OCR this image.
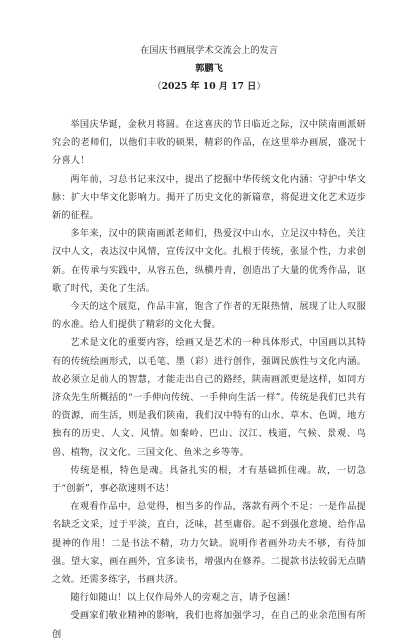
在国庆书画展学术交流会上的发言
郭鹏飞
（2025 年 10 月 17 日）

举国庆华诞，金秋月将圆。在这喜庆的节日临近之际，汉中陕南画派研究会的老师们，以他们丰收的硕果，精彩的作品，在这里举办画展，盛况十分喜人！

两年前，习总书记来汉中，提出了挖掘中华传统文化内涵：守护中华文脉：扩大中华文化影响力。揭开了历史文化的新篇章，将促进文化艺术迈步新的征程。

多年来，汉中的陕南画派老师们，热爱汉中山水，立足汉中特色，关注汉中人文，表达汉中风情，宣传汉中文化。扎根于传统，张显个性，力求创新。在传承与实践中，从容五色，纵横丹青，创造出了大量的优秀作品，讴歌了时代，美化了生活。

今天的这个展览，作品丰富，饱含了作者的无限热情，展现了让人叹服的水准。给人们提供了精彩的文化大餐。

艺术是文化的重要内容，绘画又是艺术的一种具体形式，中国画以其特有的传统绘画形式，以毛笔、墨（彩）进行创作，强调民族性与文化内涵。故必须立足前人的智慧，才能走出自己的路经，陕南画派更是这样，如同方济众先生所概括的“一手伸向传统、一手伸向生活一样”。传统是我们已共有的资源，而生活，则是我们陕南，我们汉中特有的山水、草木、色调，地方独有的历史、人文、风情。如秦岭、巴山、汉江、栈道，气候、景观、鸟兽、植物，汉文化、三国文化、鱼米之乡等等。

传统是根，特色是魂。具备扎实的根，才有基础抓住魂。故，一切急于“创新”，事必欲速则不达！

在观看作品中，总觉得，相当多的作品，落款有两个不足：一是作品提名缺乏文采，过于平淡，直白，泛味，甚至庸俗。起不到强化意境、给作品提神的作用！二是书法不精，功力欠缺。说明作者画外功夫不够，有待加强。望大家，画在画外，宜多读书，增强内在修养。二提款书法较弱无点睛之效。还需多练字，书画共济。

随行如随山！以上仅作局外人的旁观之言，请予包涵！

受画家们敬业精神的影响，我们也将加强学习，在自己的业余范围有所创
